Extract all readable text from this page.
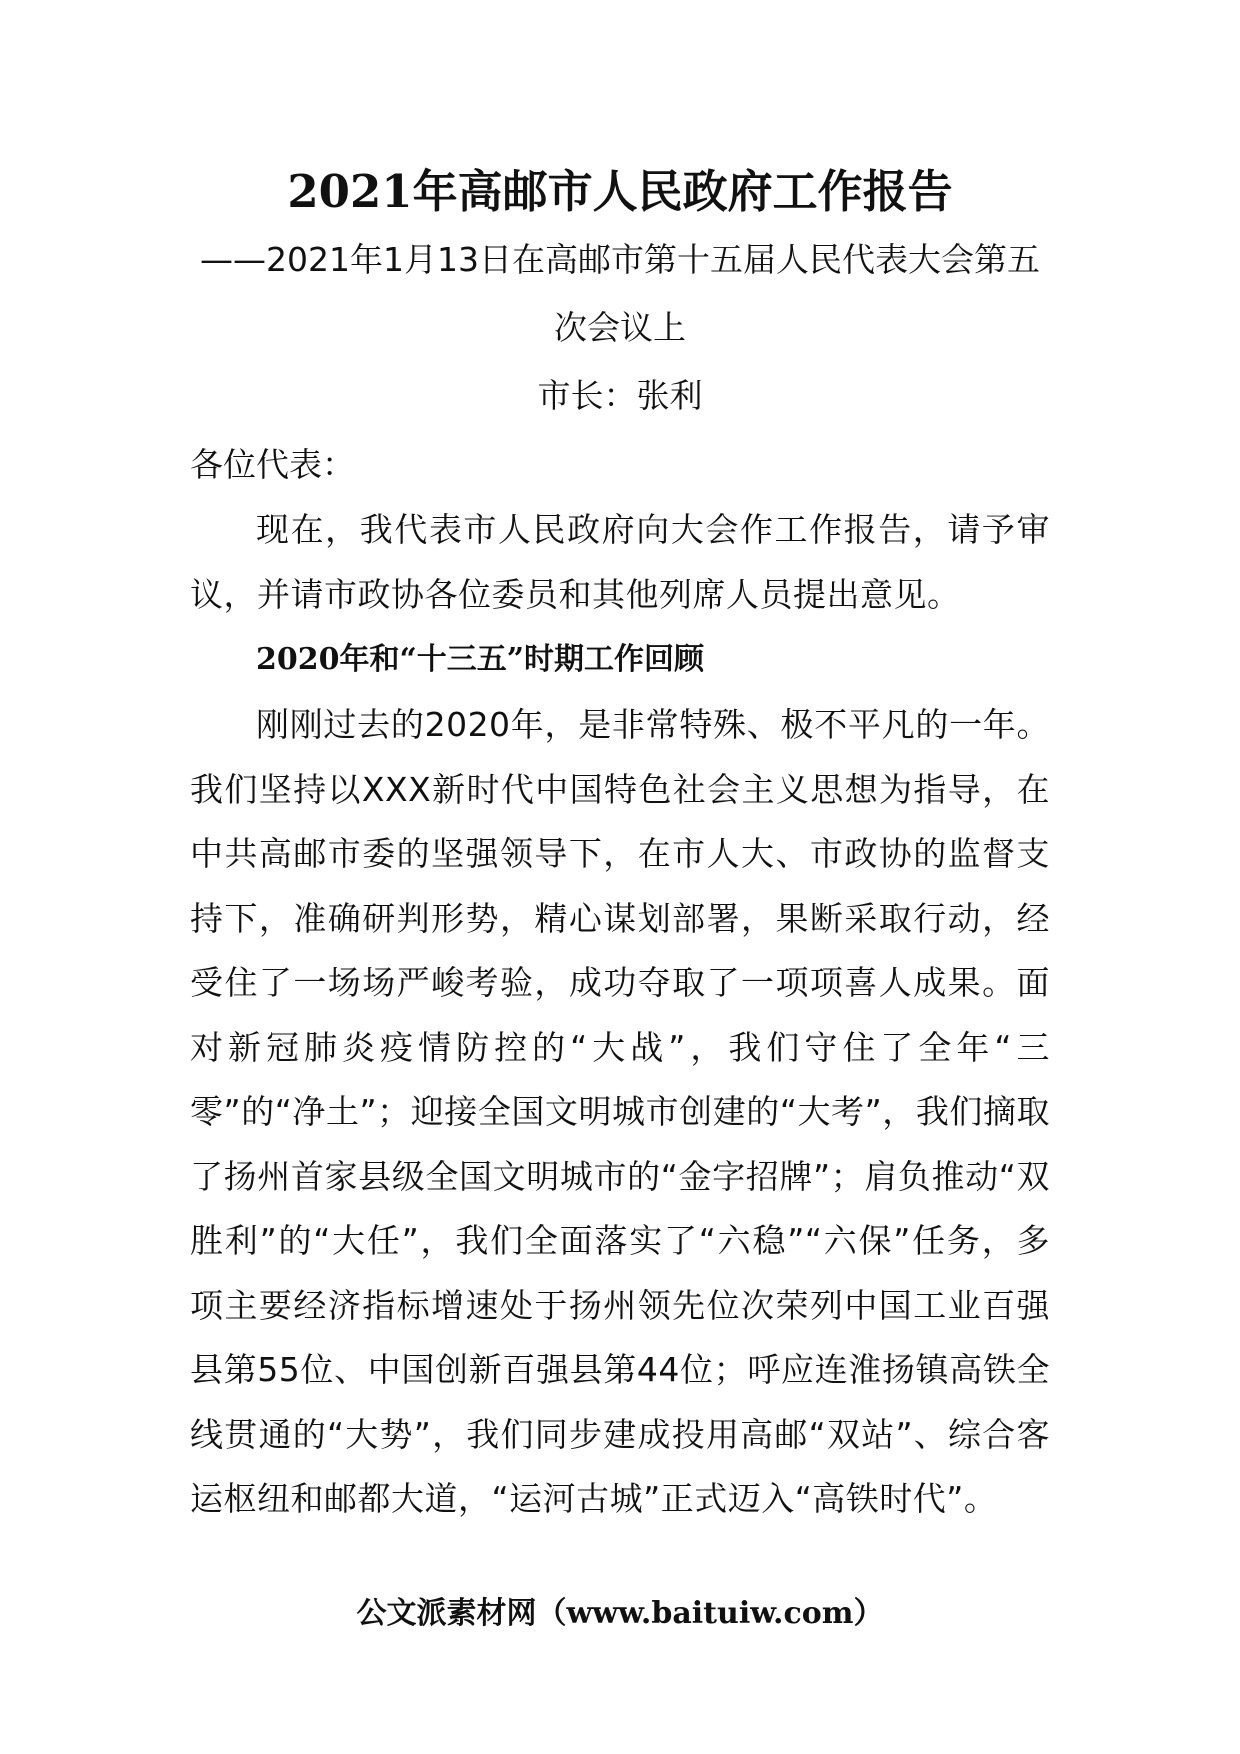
2021年高邮市人民政府工作报告
——2021年1月13日在高邮市第十五届人民代表大会第五
次会议上
市长：张利

各位代表：

现在，我代表市人民政府向大会作工作报告，请予审议，并请市政协各位委员和其他列席人员提出意见。

2020年和“十三五”时期工作回顾

刚刚过去的2020年，是非常特殊、极不平凡的一年。我们坚持以XXX新时代中国特色社会主义思想为指导，在中共高邮市委的坚强领导下，在市人大、市政协的监督支持下，准确研判形势，精心谋划部署，果断采取行动，经受住了一场场严峻考验，成功夺取了一项项喜人成果。面对新冠肺炎疫情防控的“大战”，我们守住了全年“三零”的“净土”；迎接全国文明城市创建的“大考”，我们摘取了扬州首家县级全国文明城市的“金字招牌”；肩负推动“双胜利”的“大任”，我们全面落实了“六稳”“六保”任务，多项主要经济指标增速处于扬州领先位次荣列中国工业百强县第55位、中国创新百强县第44位；呼应连淮扬镇高铁全线贯通的“大势”，我们同步建成投用高邮“双站”、综合客运枢纽和邮都大道，“运河古城”正式迈入“高铁时代”。

公文派素材网（www.baituiw.com）
